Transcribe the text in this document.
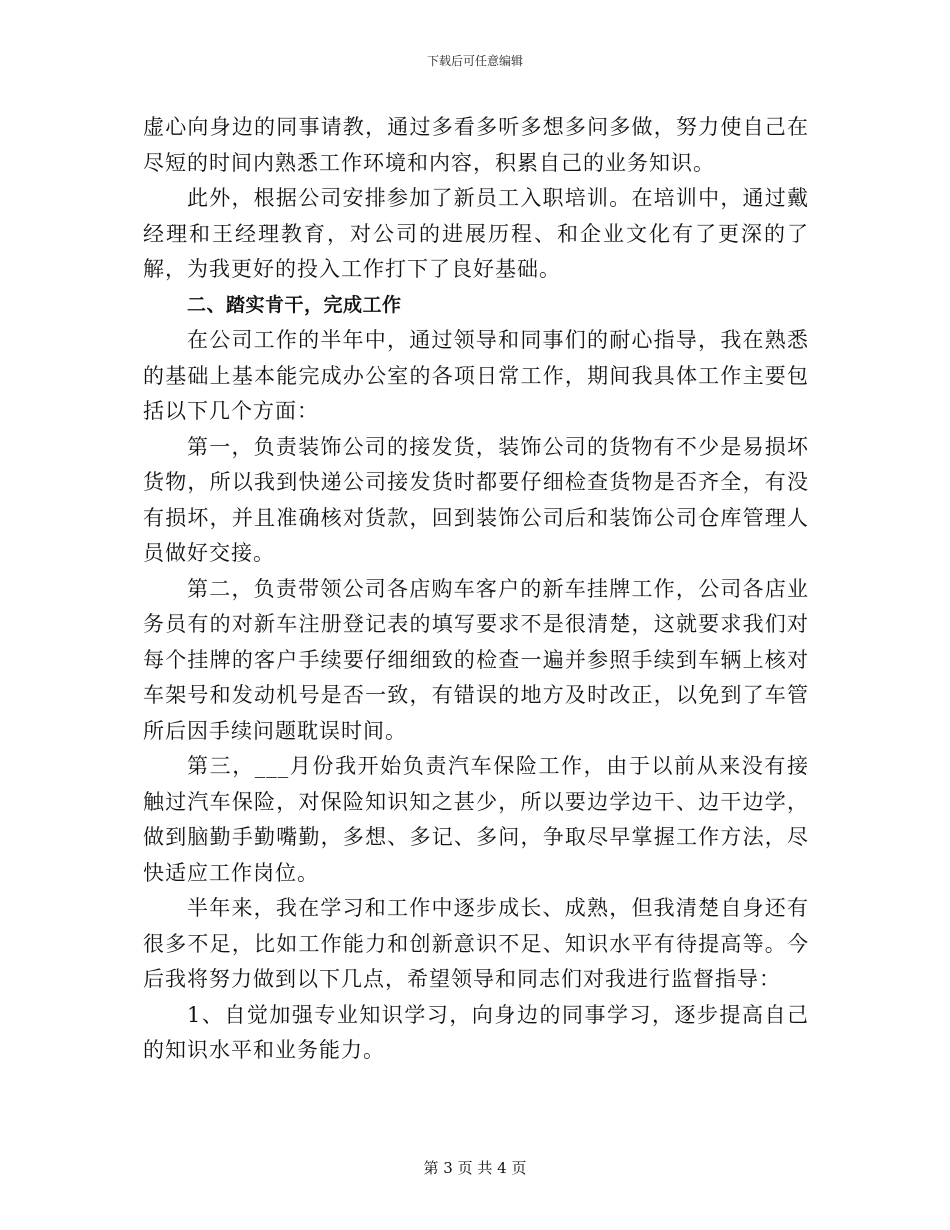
下载后可任意编辑

虚心向身边的同事请教，通过多看多听多想多问多做，努力使自己在尽短的时间内熟悉工作环境和内容，积累自己的业务知识。

此外，根据公司安排参加了新员工入职培训。在培训中，通过戴经理和王经理教育，对公司的进展历程、和企业文化有了更深的了解，为我更好的投入工作打下了良好基础。

二、踏实肯干，完成工作

在公司工作的半年中，通过领导和同事们的耐心指导，我在熟悉的基础上基本能完成办公室的各项日常工作，期间我具体工作主要包括以下几个方面：

第一，负责装饰公司的接发货，装饰公司的货物有不少是易损坏货物，所以我到快递公司接发货时都要仔细检查货物是否齐全，有没有损坏，并且准确核对货款，回到装饰公司后和装饰公司仓库管理人员做好交接。

第二，负责带领公司各店购车客户的新车挂牌工作，公司各店业务员有的对新车注册登记表的填写要求不是很清楚，这就要求我们对每个挂牌的客户手续要仔细细致的检查一遍并参照手续到车辆上核对车架号和发动机号是否一致，有错误的地方及时改正，以免到了车管所后因手续问题耽误时间。

第三，___月份我开始负责汽车保险工作，由于以前从来没有接触过汽车保险，对保险知识知之甚少，所以要边学边干、边干边学，做到脑勤手勤嘴勤，多想、多记、多问，争取尽早掌握工作方法，尽快适应工作岗位。

半年来，我在学习和工作中逐步成长、成熟，但我清楚自身还有很多不足，比如工作能力和创新意识不足、知识水平有待提高等。今后我将努力做到以下几点，希望领导和同志们对我进行监督指导：

1、自觉加强专业知识学习，向身边的同事学习，逐步提高自己的知识水平和业务能力。

第 3 页 共 4 页
